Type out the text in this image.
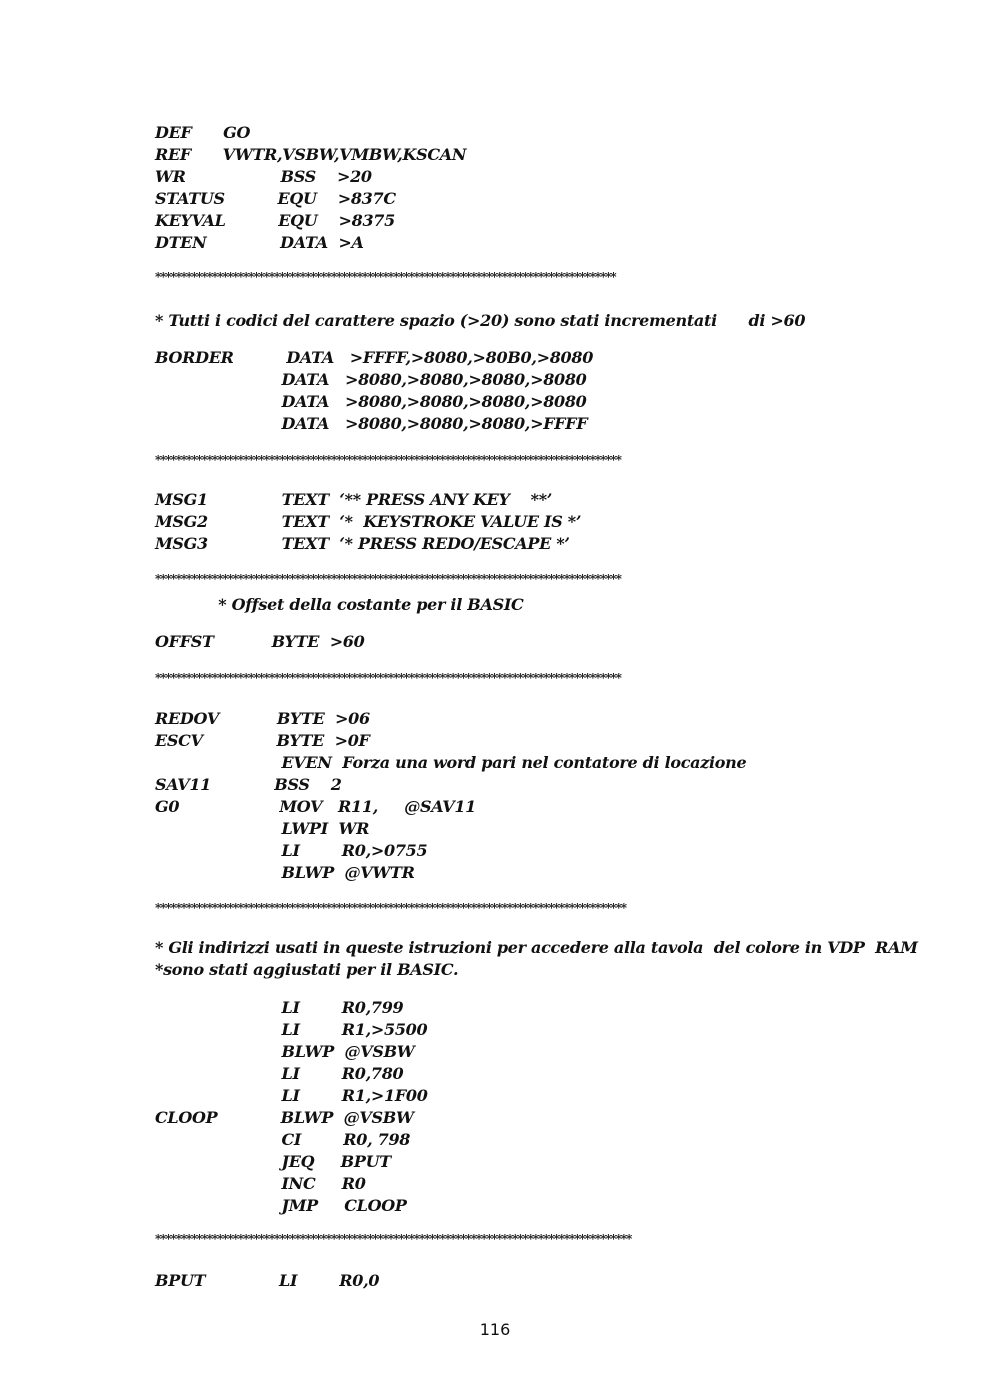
DEF      GO
REF      VWTR,VSBW,VMBW,KSCAN
WR                  BSS    >20
STATUS          EQU    >837C
KEYVAL          EQU    >8375
DTEN              DATA  >A
*****************************************************************************************
* Tutti i codici del carattere spazio (>20) sono stati incrementati      di >60
BORDER          DATA   >FFFF,>8080,>80B0,>8080
DATA   >8080,>8080,>8080,>8080
DATA   >8080,>8080,>8080,>8080
DATA   >8080,>8080,>8080,>FFFF
******************************************************************************************
MSG1              TEXT  ‘** PRESS ANY KEY    **’
MSG2              TEXT  ‘*  KEYSTROKE VALUE IS *’
MSG3              TEXT  ‘* PRESS REDO/ESCAPE *’
******************************************************************************************
* Offset della costante per il BASIC
OFFST           BYTE  >60
******************************************************************************************
REDOV           BYTE  >06
ESCV              BYTE  >0F
EVEN  Forza una word pari nel contatore di locazione
SAV11            BSS    2
G0                   MOV   R11,     @SAV11
LWPI  WR
LI        R0,>0755
BLWP  @VWTR
*******************************************************************************************
* Gli indirizzi usati in queste istruzioni per accedere alla tavola  del colore in VDP  RAM
*sono stati aggiustati per il BASIC.
LI        R0,799
LI        R1,>5500
BLWP  @VSBW
LI        R0,780
LI        R1,>1F00
CLOOP            BLWP  @VSBW
CI        R0, 798
JEQ     BPUT
INC     R0
JMP     CLOOP
********************************************************************************************
BPUT              LI        R0,0
116
